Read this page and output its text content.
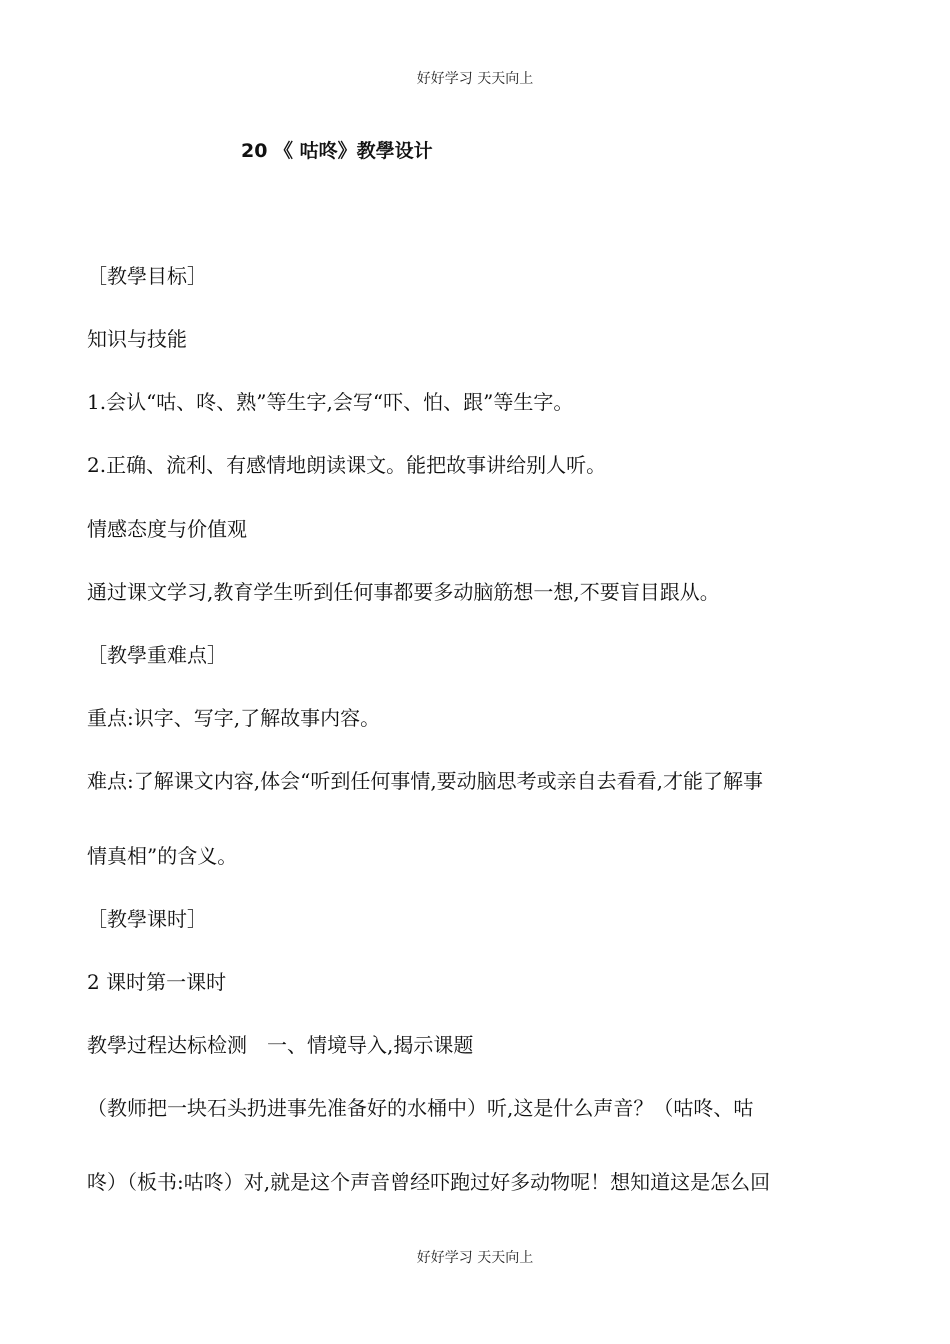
好好学习 天天向上
20 《 咕咚》教學设计
［教學目标］
知识与技能
1.会认“咕、咚、熟”等生字,会写“吓、怕、跟”等生字。
2.正确、流利、有感情地朗读课文。能把故事讲给别人听。
情感态度与价值观
通过课文学习,教育学生听到任何事都要多动脑筋想一想,不要盲目跟从。
［教學重难点］
重点:识字、写字,了解故事内容。
难点:了解课文内容,体会“听到任何事情,要动脑思考或亲自去看看,才能了解事
情真相”的含义。
［教學课时］
2 课时第一课时
教學过程达标检测　一、情境导入,揭示课题
（教师把一块石头扔进事先准备好的水桶中）听,这是什么声音？（咕咚、咕
咚）（板书:咕咚）对,就是这个声音曾经吓跑过好多动物呢！想知道这是怎么回
好好学习 天天向上
